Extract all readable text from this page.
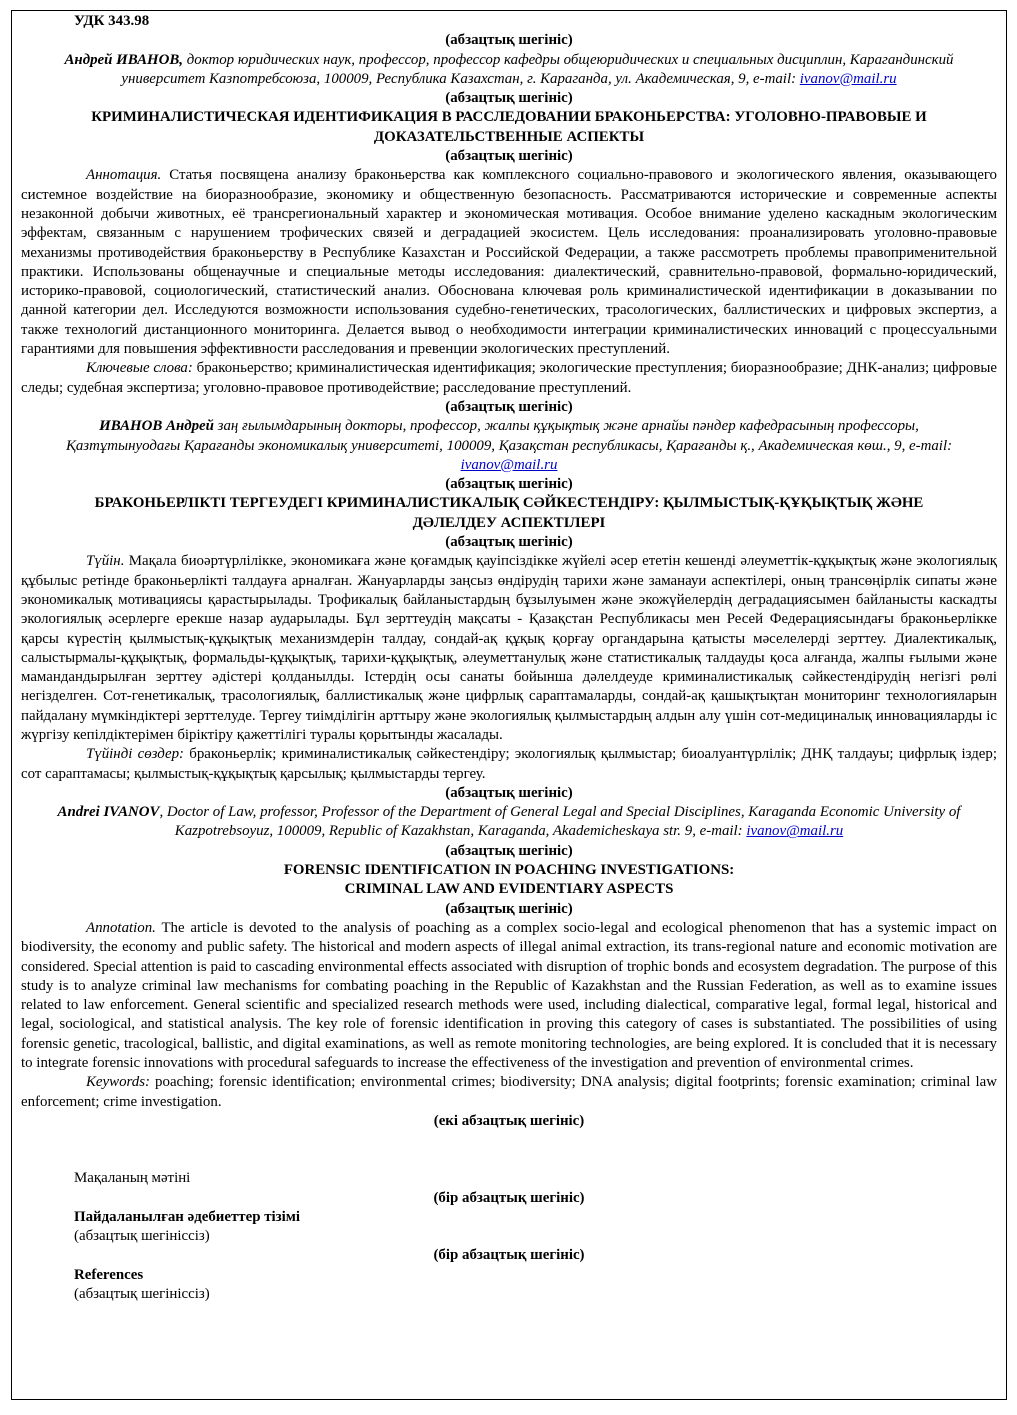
УДК 343.98
(абзацтық шегініс)
Андрей ИВАНОВ, доктор юридических наук, профессор, профессор кафедры общеюридических и специальных дисциплин, Карагандинский университет Казпотребсоюза, 100009, Республика Казахстан, г. Караганда, ул. Академическая, 9, e-mail: ivanov@mail.ru
(абзацтық шегініс)
КРИМИНАЛИСТИЧЕСКАЯ ИДЕНТИФИКАЦИЯ В РАССЛЕДОВАНИИ БРАКОНЬЕРСТВА: УГОЛОВНО-ПРАВОВЫЕ И ДОКАЗАТЕЛЬСТВЕННЫЕ АСПЕКТЫ
(абзацтық шегініс)
Аннотация. Статья посвящена анализу браконьерства как комплексного социально-правового и экологического явления, оказывающего системное воздействие на биоразнообразие, экономику и общественную безопасность. Рассматриваются исторические и современные аспекты незаконной добычи животных, её трансрегиональный характер и экономическая мотивация. Особое внимание уделено каскадным экологическим эффектам, связанным с нарушением трофических связей и деградацией экосистем. Цель исследования: проанализировать уголовно-правовые механизмы противодействия браконьерству в Республике Казахстан и Российской Федерации, а также рассмотреть проблемы правоприменительной практики. Использованы общенаучные и специальные методы исследования: диалектический, сравнительно-правовой, формально-юридический, историко-правовой, социологический, статистический анализ. Обоснована ключевая роль криминалистической идентификации в доказывании по данной категории дел. Исследуются возможности использования судебно-генетических, трасологических, баллистических и цифровых экспертиз, а также технологий дистанционного мониторинга. Делается вывод о необходимости интеграции криминалистических инноваций с процессуальными гарантиями для повышения эффективности расследования и превенции экологических преступлений.
Ключевые слова: браконьерство; криминалистическая идентификация; экологические преступления; биоразнообразие; ДНК-анализ; цифровые следы; судебная экспертиза; уголовно-правовое противодействие; расследование преступлений.
(абзацтық шегініс)
ИВАНОВ Андрей заң ғылымдарының докторы, профессор, жалпы құқықтық және арнайы пәндер кафедрасының профессоры, Қазтұтынуодағы Қарағанды экономикалық университеті, 100009, Қазақстан республикасы, Қарағанды қ., Академическая көш., 9, e-mail: ivanov@mail.ru
(абзацтық шегініс)
БРАКОНЬЕРЛІКТІ ТЕРГЕУДЕГІ КРИМИНАЛИСТИКАЛЫҚ СӘЙКЕСТЕНДІРУ: ҚЫЛМЫСТЫҚ-ҚҰҚЫҚТЫҚ ЖӘНЕ ДӘЛЕЛДЕУ АСПЕКТІЛЕРІ
(абзацтық шегініс)
Түйін. Мақала биоәртүрлілікке, экономикаға және қоғамдық қауіпсіздікке жүйелі әсер ететін кешенді әлеуметтік-құқықтық және экологиялық құбылыс ретінде браконьерлікті талдауға арналған. Жануарларды заңсыз өндірудің тарихи және заманауи аспектілері, оның трансөңірлік сипаты және экономикалық мотивациясы қарастырылады. Трофикалық байланыстардың бұзылуымен және экожүйелердің деградациясымен байланысты каскадты экологиялық әсерлерге ерекше назар аударылады. Бұл зерттеудің мақсаты - Қазақстан Республикасы мен Ресей Федерациясындағы браконьерлікке қарсы күрестің қылмыстық-құқықтық механизмдерін талдау, сондай-ақ құқық қорғау органдарына қатысты мәселелерді зерттеу. Диалектикалық, салыстырмалы-құқықтық, формальды-құқықтық, тарихи-құқықтық, әлеуметтанулық және статистикалық талдауды қоса алғанда, жалпы ғылыми және мамандандырылған зерттеу әдістері қолданылды. Істердің осы санаты бойынша дәлелдеуде криминалистикалық сәйкестендірудің негізгі рөлі негізделген. Сот-генетикалық, трасологиялық, баллистикалық және цифрлық сараптамаларды, сондай-ақ қашықтықтан мониторинг технологияларын пайдалану мүмкіндіктері зерттелуде. Тергеу тиімділігін арттыру және экологиялық қылмыстардың алдын алу үшін сот-медициналық инновацияларды іс жүргізу кепілдіктерімен біріктіру қажеттілігі туралы қорытынды жасалады.
Түйінді сөздер: браконьерлік; криминалистикалық сәйкестендіру; экологиялық қылмыстар; биоалуантүрлілік; ДНҚ талдауы; цифрлық іздер; сот сараптамасы; қылмыстық-құқықтық қарсылық; қылмыстарды тергеу.
(абзацтық шегініс)
Andrei IVANOV, Doctor of Law, professor, Professor of the Department of General Legal and Special Disciplines, Karaganda Economic University of Kazpotrebsoyuz, 100009, Republic of Kazakhstan, Karaganda, Akademicheskaya str. 9, e-mail: ivanov@mail.ru
(абзацтық шегініс)
FORENSIC IDENTIFICATION IN POACHING INVESTIGATIONS:
CRIMINAL LAW AND EVIDENTIARY ASPECTS
(абзацтық шегініс)
Annotation. The article is devoted to the analysis of poaching as a complex socio-legal and ecological phenomenon that has a systemic impact on biodiversity, the economy and public safety. The historical and modern aspects of illegal animal extraction, its trans-regional nature and economic motivation are considered. Special attention is paid to cascading environmental effects associated with disruption of trophic bonds and ecosystem degradation. The purpose of this study is to analyze criminal law mechanisms for combating poaching in the Republic of Kazakhstan and the Russian Federation, as well as to examine issues related to law enforcement. General scientific and specialized research methods were used, including dialectical, comparative legal, formal legal, historical and legal, sociological, and statistical analysis. The key role of forensic identification in proving this category of cases is substantiated. The possibilities of using forensic genetic, tracological, ballistic, and digital examinations, as well as remote monitoring technologies, are being explored. It is concluded that it is necessary to integrate forensic innovations with procedural safeguards to increase the effectiveness of the investigation and prevention of environmental crimes.
Keywords: poaching; forensic identification; environmental crimes; biodiversity; DNA analysis; digital footprints; forensic examination; criminal law enforcement; crime investigation.
(екі абзацтық шегініс)
Мақаланың мәтіні
(бір абзацтық шегініс)
Пайдаланылған әдебиеттер тізімі
(абзацтық шегініссіз)
(бір абзацтық шегініс)
References
(абзацтық шегініссіз)
